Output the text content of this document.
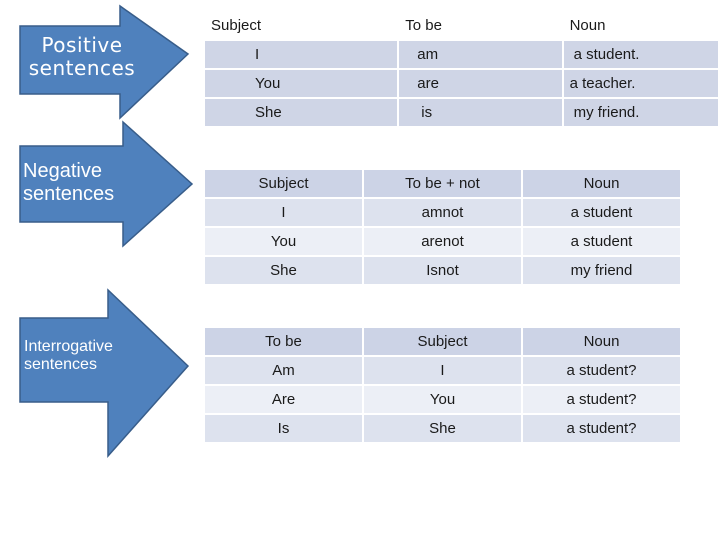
Positive sentences
Negative sentences
Interrogative sentences
Subject	To be	Noun
I	am	a student.
You	are	a teacher.
She	is	my friend.
Subject	To be + not	Noun
I	amnot	a student
You	arenot	a student
She	Isnot	my friend
To be	Subject	Noun
Am	I	a student?
Are	You	a student?
Is	She	a student?
